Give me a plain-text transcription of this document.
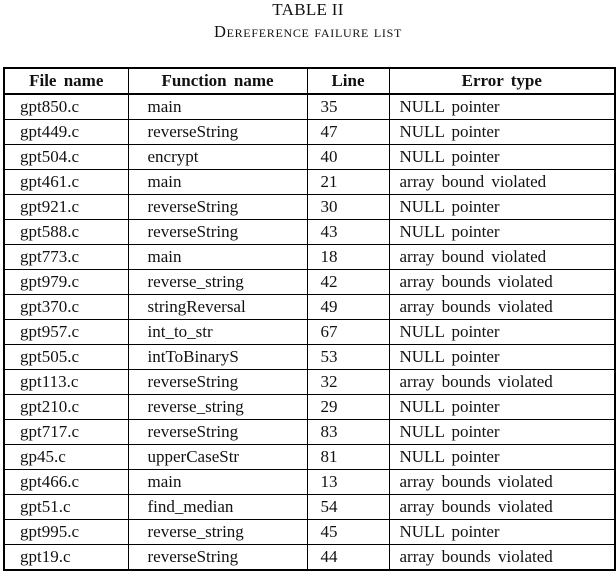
TABLE II
Dereference failure list
File name	Function name	Line	Error type
gpt850.c	main	35	NULL pointer
gpt449.c	reverseString	47	NULL pointer
gpt504.c	encrypt	40	NULL pointer
gpt461.c	main	21	array bound violated
gpt921.c	reverseString	30	NULL pointer
gpt588.c	reverseString	43	NULL pointer
gpt773.c	main	18	array bound violated
gpt979.c	reverse_string	42	array bounds violated
gpt370.c	stringReversal	49	array bounds violated
gpt957.c	int_to_str	67	NULL pointer
gpt505.c	intToBinaryS	53	NULL pointer
gpt113.c	reverseString	32	array bounds violated
gpt210.c	reverse_string	29	NULL pointer
gpt717.c	reverseString	83	NULL pointer
gp45.c	upperCaseStr	81	NULL pointer
gpt466.c	main	13	array bounds violated
gpt51.c	find_median	54	array bounds violated
gpt995.c	reverse_string	45	NULL pointer
gpt19.c	reverseString	44	array bounds violated
